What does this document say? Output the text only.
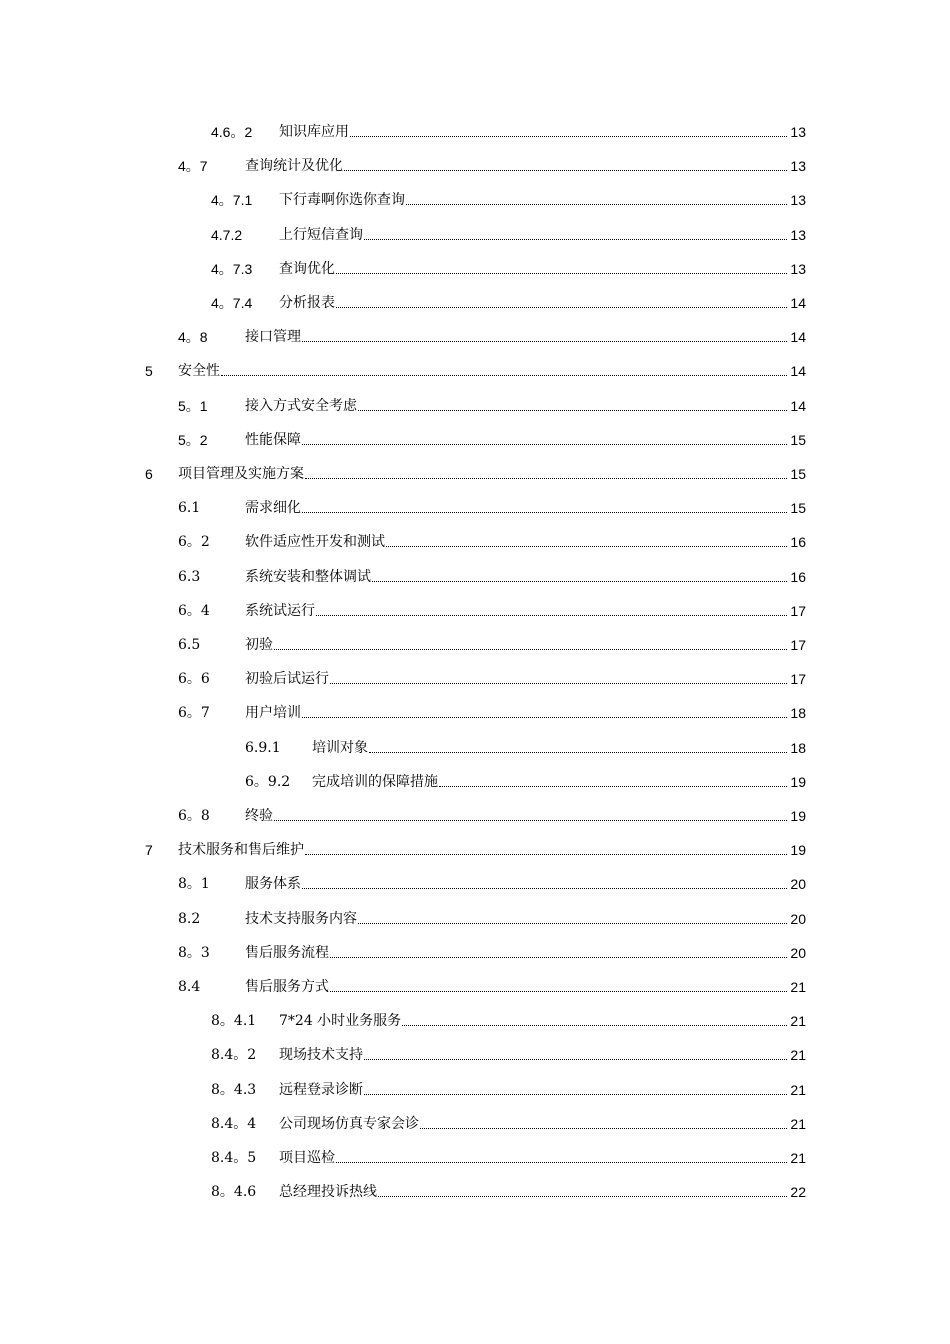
4.6。2 知识库应用	13
4。7	查询统计及优化	13
4。7.1 下行毒啊你选你查询	13
4.7.2	上行短信查询	13
4。7.3 查询优化	13
4。7.4 分析报表	14
4。8	接口管理	14
5 安全性	14
5。1	接入方式安全考虑	14
5。2	性能保障	15
6 项目管理及实施方案	15
6.1	需求细化	15
6。2	软件适应性开发和测试	16
6.3	系统安装和整体调试	16
6。4	系统试运行	17
6.5	初验	17
6。6	初验后试运行	17
6。7	用户培训	18
6.9.1 培训对象	18
6。9.2 完成培训的保障措施	19
6。8	终验	19
7 技术服务和售后维护	19
8。1	服务体系	20
8.2	技术支持服务内容	20
8。3	售后服务流程	20
8.4	售后服务方式	21
8。4.1 7*24 小时业务服务	21
8.4。2 现场技术支持	21
8。4.3 远程登录诊断	21
8.4。4 公司现场仿真专家会诊	21
8.4。5 项目巡检	21
8。4.6 总经理投诉热线	22
